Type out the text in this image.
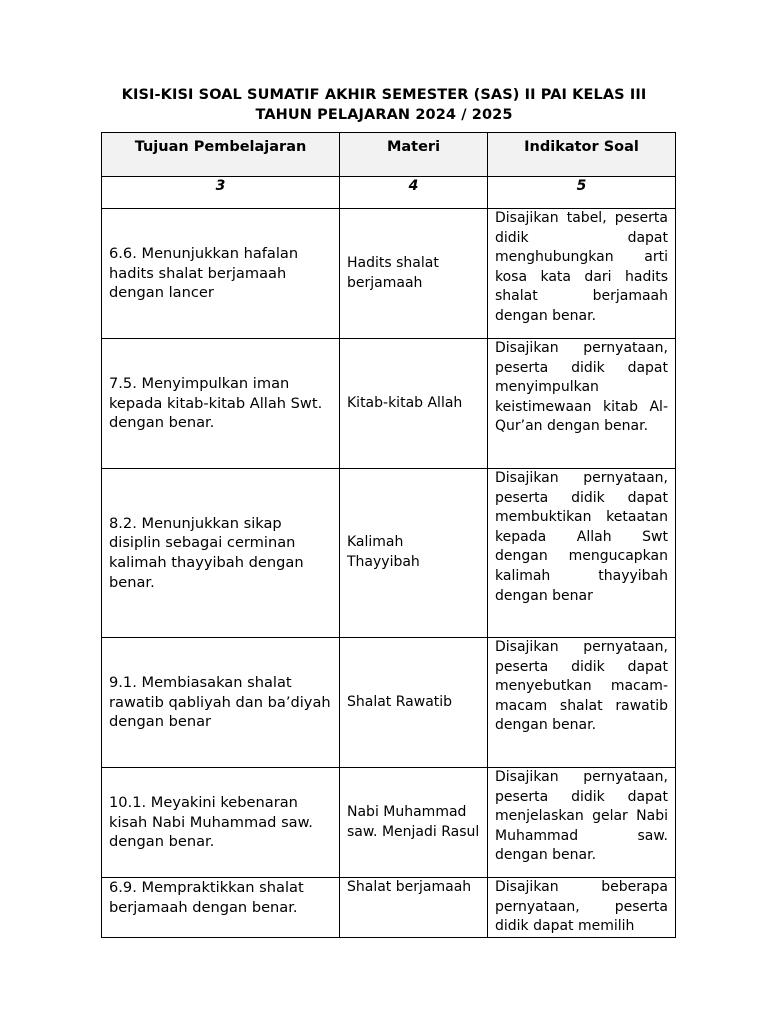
KISI-KISI SOAL SUMATIF AKHIR SEMESTER (SAS) II PAI KELAS III
TAHUN PELAJARAN 2024 / 2025
Tujuan Pembelajaran	Materi	Indikator Soal
3	4	5
6.6. Menunjukkan hafalan hadits shalat berjamaah dengan lancer	Hadits shalat berjamaah	Disajikan tabel, peserta didik dapat menghubungkan arti kosa kata dari hadits shalat berjamaah dengan benar.
7.5. Menyimpulkan iman kepada kitab-kitab Allah Swt. dengan benar.	Kitab-kitab Allah	Disajikan pernyataan, peserta didik dapat menyimpulkan keistimewaan kitab Al-Qur’an dengan benar.
8.2. Menunjukkan sikap disiplin sebagai cerminan kalimah thayyibah dengan benar.	Kalimah Thayyibah	Disajikan pernyataan, peserta didik dapat membuktikan ketaatan kepada Allah Swt dengan mengucapkan kalimah thayyibah dengan benar
9.1. Membiasakan shalat rawatib qabliyah dan ba’diyah dengan benar	Shalat Rawatib	Disajikan pernyataan, peserta didik dapat menyebutkan macam-macam shalat rawatib dengan benar.
10.1. Meyakini kebenaran kisah Nabi Muhammad saw. dengan benar.	Nabi Muhammad saw. Menjadi Rasul	Disajikan pernyataan, peserta didik dapat menjelaskan gelar Nabi Muhammad saw. dengan benar.
6.9. Mempraktikkan shalat berjamaah dengan benar.	Shalat berjamaah	Disajikan beberapa pernyataan, peserta didik dapat memilih
